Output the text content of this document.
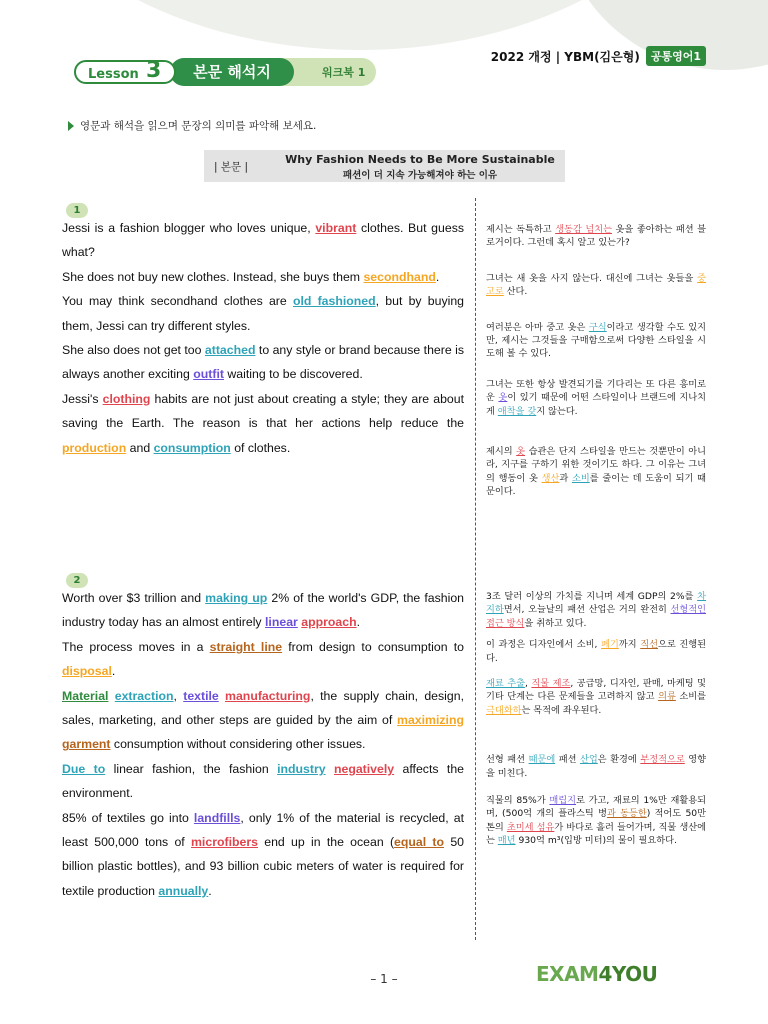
2022 개정 | YBM(김은형)	공통영어1
워크북 1
본문 해석지
Lesson 3
영문과 해석을 읽으며 문장의 의미를 파악해 보세요.
| 본문 |
Why Fashion Needs to Be More Sustainable
패션이 더 지속 가능해져야 하는 이유
1

Jessi is a fashion blogger who loves unique, vibrant clothes. But guess what?

She does not buy new clothes. Instead, she buys them secondhand.

You may think secondhand clothes are old fashioned, but by buying them, Jessi can try different styles.

She also does not get too attached to any style or brand because there is always another exciting outfit waiting to be discovered.

Jessi's clothing habits are not just about creating a style; they are about saving the Earth. The reason is that her actions help reduce the production and consumption of clothes.

제시는 독특하고 생동감 넘치는 옷을 좋아하는 패션 블로거이다. 그런데 혹시 알고 있는가?

그녀는 새 옷을 사지 않는다. 대신에 그녀는 옷들을 중고로 산다.

여러분은 아마 중고 옷은 구식이라고 생각할 수도 있지만, 제시는 그것들을 구매함으로써 다양한 스타일을 시도해 볼 수 있다.

그녀는 또한 항상 발견되기를 기다리는 또 다른 흥미로운 옷이 있기 때문에 어떤 스타일이나 브랜드에 지나치게 애착을 갖지 않는다.

제시의 옷 습관은 단지 스타일을 만드는 것뿐만이 아니라, 지구를 구하기 위한 것이기도 하다. 그 이유는 그녀의 행동이 옷 생산과 소비를 줄이는 데 도움이 되기 때문이다.

2

Worth over $3 trillion and making up 2% of the world's GDP, the fashion industry today has an almost entirely linear approach.

The process moves in a straight line from design to consumption to disposal.

Material extraction, textile manufacturing, the supply chain, design, sales, marketing, and other steps are guided by the aim of maximizing garment consumption without considering other issues.

Due to linear fashion, the fashion industry negatively affects the environment.

85% of textiles go into landfills, only 1% of the material is recycled, at least 500,000 tons of microfibers end up in the ocean (equal to 50 billion plastic bottles), and 93 billion cubic meters of water is required for textile production annually.

3조 달러 이상의 가치를 지니며 세계 GDP의 2%를 차지하면서, 오늘날의 패션 산업은 거의 완전히 선형적인 접근 방식을 취하고 있다.

이 과정은 디자인에서 소비, 폐기까지 직선으로 진행된다.

재료 추출, 직물 제조, 공급망, 디자인, 판매, 마케팅 및 기타 단계는 다른 문제들을 고려하지 않고 의류 소비를 극대화하는 목적에 좌우된다.

선형 패션 때문에 패션 산업은 환경에 부정적으로 영향을 미친다.

직물의 85%가 매립지로 가고, 재료의 1%만 재활용되며, (500억 개의 플라스틱 병과 동등한) 적어도 50만 톤의 초미세 섬유가 바다로 흘러 들어가며, 직물 생산에는 매년 930억 m³(입방 미터)의 물이 필요하다.

– 1 –	EXAM4YOU
